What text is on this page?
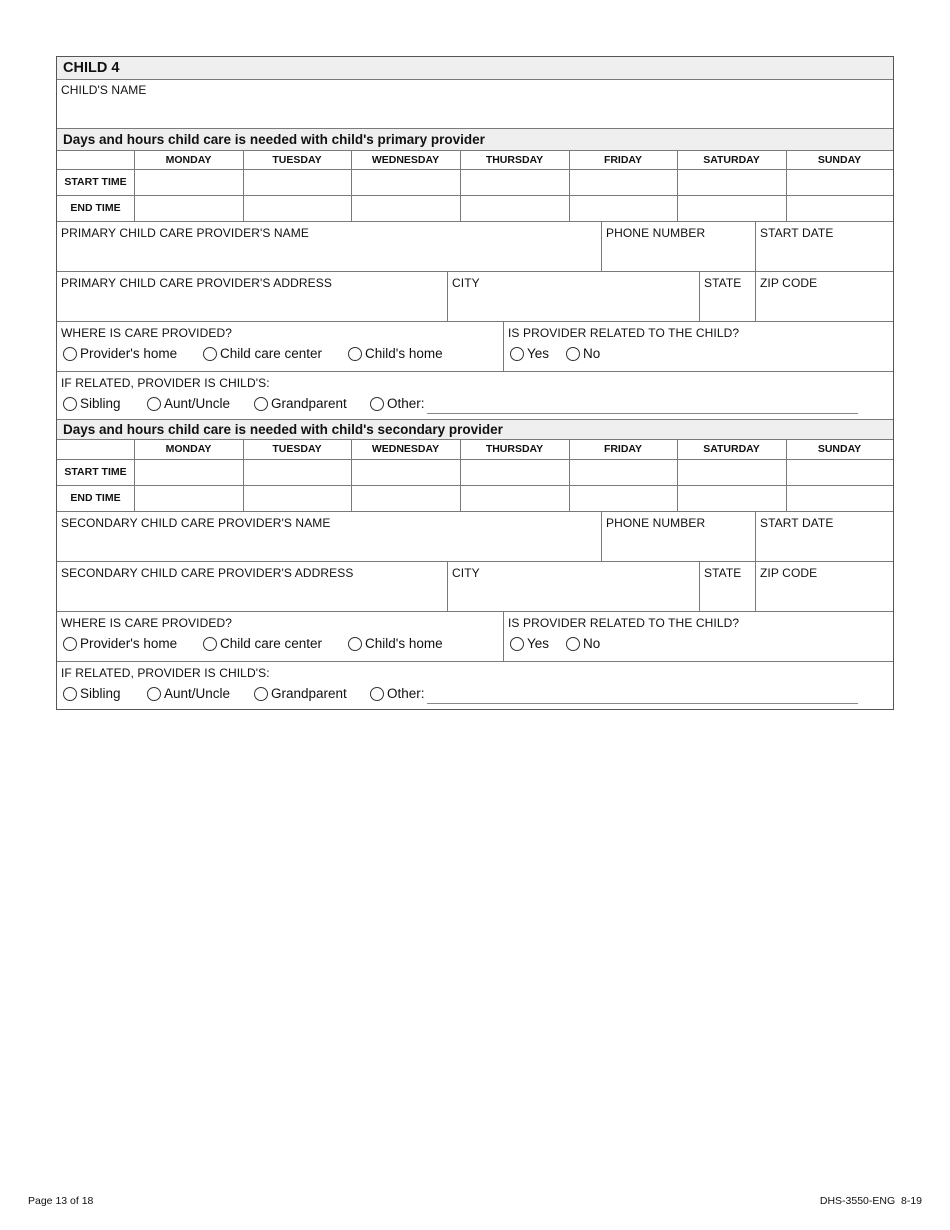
CHILD 4
CHILD'S NAME
Days and hours child care is needed with child's primary provider
MONDAY	TUESDAY	WEDNESDAY	THURSDAY	FRIDAY	SATURDAY	SUNDAY
START TIME
END TIME
PRIMARY CHILD CARE PROVIDER'S NAME	PHONE NUMBER	START DATE
PRIMARY CHILD CARE PROVIDER'S ADDRESS	CITY	STATE ZIP CODE
WHERE IS CARE PROVIDED?
Provider's home	Child care center	Child's home
IS PROVIDER RELATED TO THE CHILD?
Yes	No
IF RELATED, PROVIDER IS CHILD'S:
Sibling	Aunt/Uncle	Grandparent	Other:
Days and hours child care is needed with child's secondary provider
MONDAY	TUESDAY	WEDNESDAY	THURSDAY	FRIDAY	SATURDAY	SUNDAY
START TIME
END TIME
SECONDARY CHILD CARE PROVIDER'S NAME	PHONE NUMBER	START DATE
SECONDARY CHILD CARE PROVIDER'S ADDRESS	CITY	STATE ZIP CODE
WHERE IS CARE PROVIDED?
Provider's home	Child care center	Child's home
IS PROVIDER RELATED TO THE CHILD?
Yes	No
IF RELATED, PROVIDER IS CHILD'S:
Sibling	Aunt/Uncle	Grandparent	Other:
Page 13 of 18	DHS-3550-ENG  8-19
